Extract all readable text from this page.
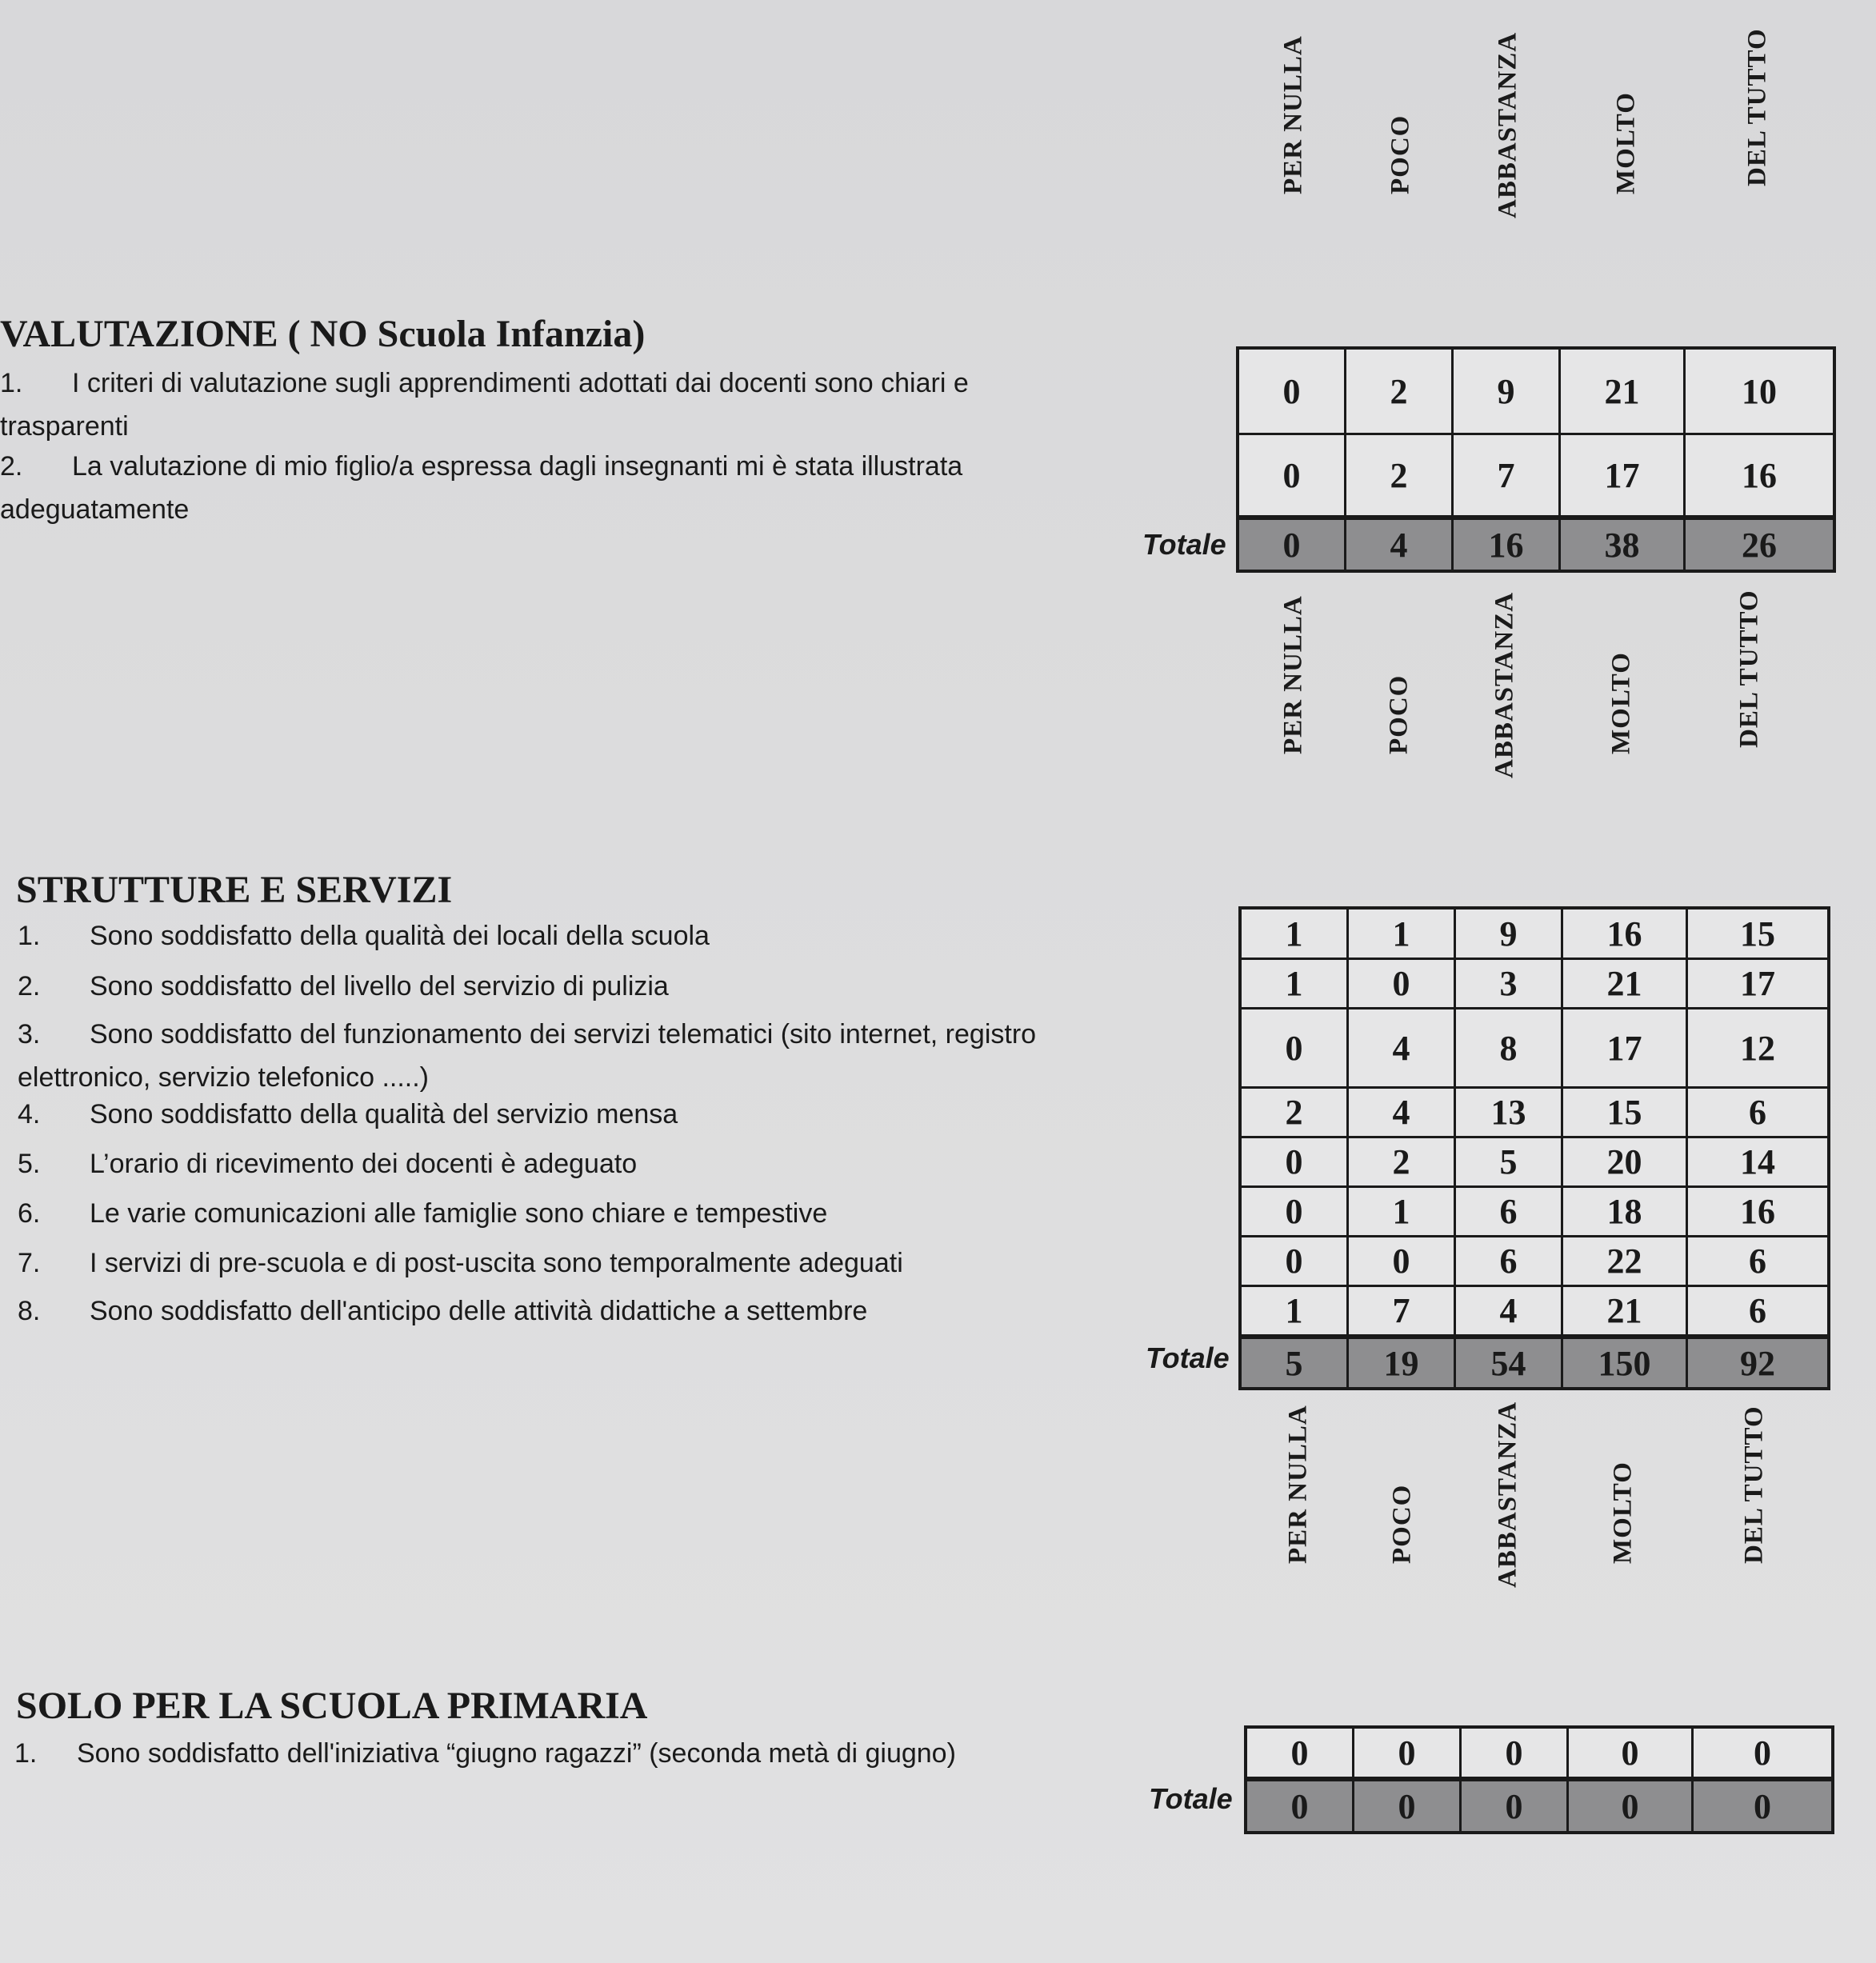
PER NULLA	POCO	ABBASTANZA	MOLTO	DEL TUTTO
VALUTAZIONE ( NO Scuola Infanzia)
1. I criteri di valutazione sugli apprendimenti adottati dai docenti sono chiari e
trasparenti
2. La valutazione di mio figlio/a espressa dagli insegnanti mi è stata illustrata
adeguatamente
0	2	9	21	10
0	2	7	17	16
0	4	16	38	26
Totale
PER NULLA	POCO	ABBASTANZA	MOLTO	DEL TUTTO
STRUTTURE E SERVIZI
1. Sono soddisfatto della qualità dei locali della scuola
2. Sono soddisfatto del livello del servizio di pulizia
3. Sono soddisfatto del funzionamento dei servizi telematici (sito internet, registro
elettronico, servizio telefonico .....)
4. Sono soddisfatto della qualità del servizio mensa
5. L’orario di ricevimento dei docenti è adeguato
6. Le varie comunicazioni alle famiglie sono chiare e tempestive
7. I servizi di pre-scuola e di post-uscita sono temporalmente adeguati
8. Sono soddisfatto dell'anticipo delle attività didattiche a settembre
1	1	9	16	15
1	0	3	21	17
0	4	8	17	12
2	4	13	15	6
0	2	5	20	14
0	1	6	18	16
0	0	6	22	6
1	7	4	21	6
5	19	54	150	92
Totale
PER NULLA	POCO	ABBASTANZA	MOLTO	DEL TUTTO
SOLO PER LA SCUOLA PRIMARIA
1. Sono soddisfatto dell'iniziativa “giugno ragazzi” (seconda metà di giugno)	0	0	0	0	0
0	0	0	0	0
Totale
